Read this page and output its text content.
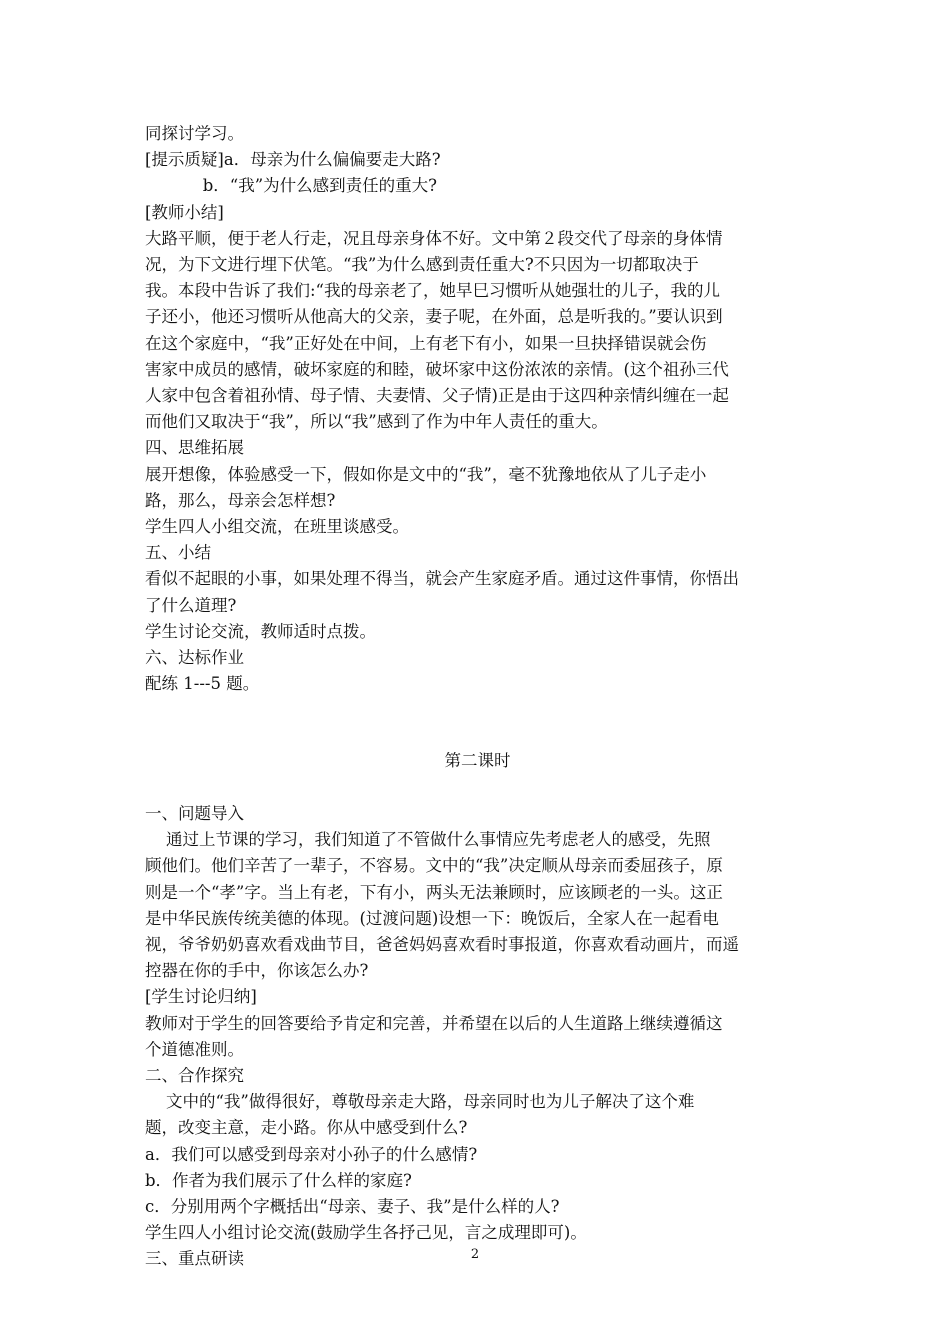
同探讨学习。

[提示质疑]a．母亲为什么偏偏要走大路?

b．“我”为什么感到责任的重大?

[教师小结]

大路平顺，便于老人行走，况且母亲身体不好。文中第２段交代了母亲的身体情

况，为下文进行埋下伏笔。“我”为什么感到责任重大?不只因为一切都取决于

我。本段中告诉了我们:“我的母亲老了，她早巳习惯听从她强壮的儿子，我的儿

子还小，他还习惯听从他高大的父亲，妻子呢，在外面，总是听我的。”要认识到

在这个家庭中，“我”正好处在中间，上有老下有小，如果一旦抉择错误就会伤

害家中成员的感情，破坏家庭的和睦，破坏家中这份浓浓的亲情。(这个祖孙三代

人家中包含着祖孙情、母子情、夫妻情、父子情)正是由于这四种亲情纠缠在一起

而他们又取决于“我”，所以“我”感到了作为中年人责任的重大。

四、思维拓展

展开想像，体验感受一下，假如你是文中的“我”，毫不犹豫地依从了儿子走小

路，那么，母亲会怎样想?

学生四人小组交流，在班里谈感受。

五、小结

看似不起眼的小事，如果处理不得当，就会产生家庭矛盾。通过这件事情，你悟出

了什么道理?

学生讨论交流，教师适时点拨。

六、达标作业

配练 1---5 题。

第二课时

一、问题导入

通过上节课的学习，我们知道了不管做什么事情应先考虑老人的感受，先照

顾他们。他们辛苦了一辈子，不容易。文中的“我”决定顺从母亲而委屈孩子，原

则是一个“孝”字。当上有老，下有小，两头无法兼顾时，应该顾老的一头。这正

是中华民族传统美德的体现。(过渡问题)设想一下：晚饭后，全家人在一起看电

视，爷爷奶奶喜欢看戏曲节目，爸爸妈妈喜欢看时事报道，你喜欢看动画片，而遥

控器在你的手中，你该怎么办?

[学生讨论归纳]

教师对于学生的回答要给予肯定和完善，并希望在以后的人生道路上继续遵循这

个道德准则。

二、合作探究

文中的“我”做得很好，尊敬母亲走大路，母亲同时也为儿子解决了这个难

题，改变主意，走小路。你从中感受到什么?

a．我们可以感受到母亲对小孙子的什么感情?

b．作者为我们展示了什么样的家庭?

c．分别用两个字概括出“母亲、妻子、我”是什么样的人?

学生四人小组讨论交流(鼓励学生各抒己见，言之成理即可)。

三、重点研读	2
